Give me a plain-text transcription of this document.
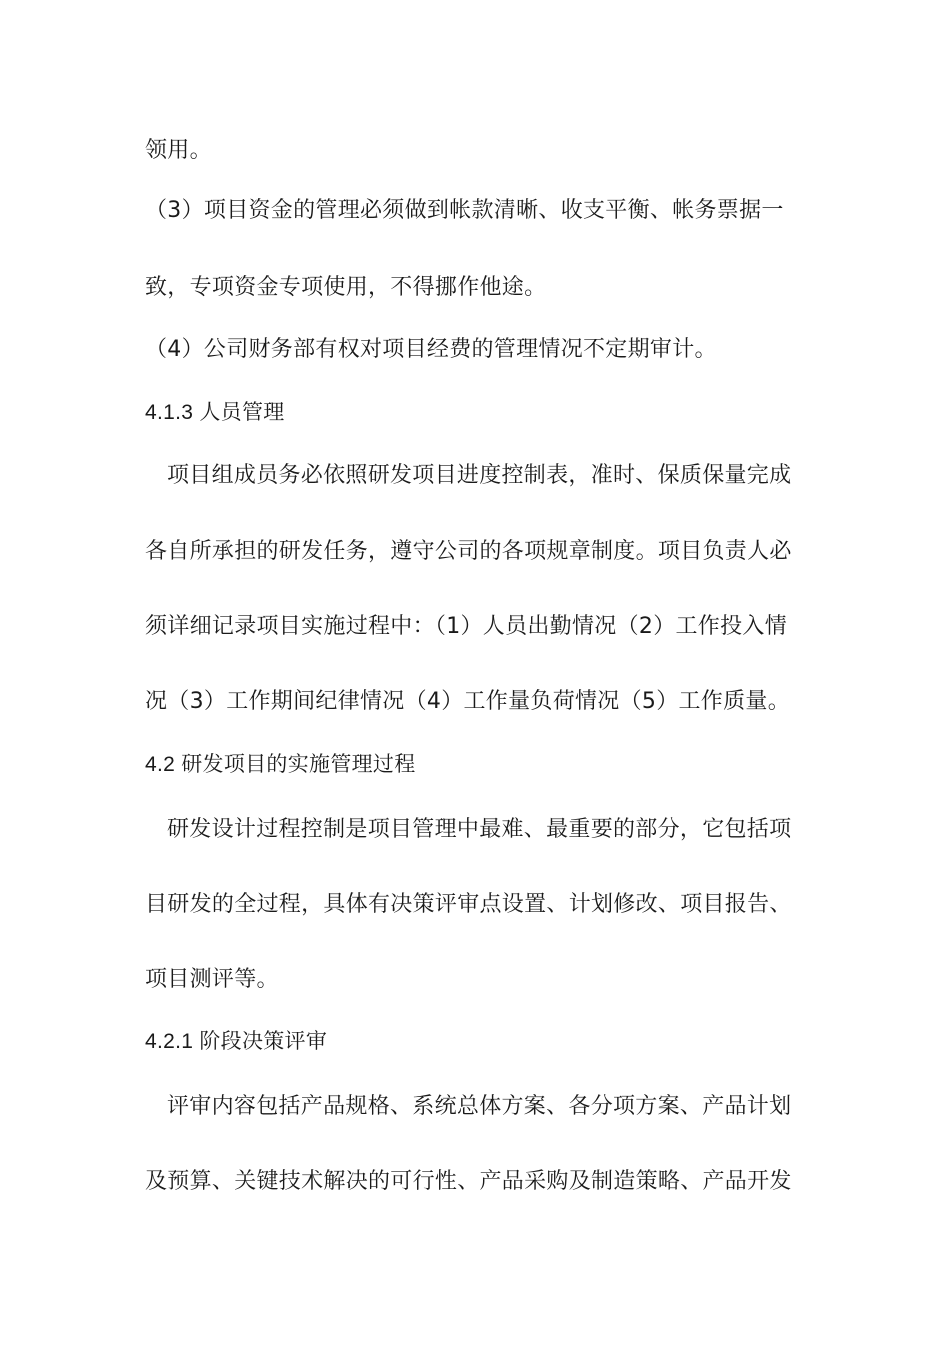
领用。
（3）项目资金的管理必须做到帐款清晰、收支平衡、帐务票据一
致，专项资金专项使用，不得挪作他途。
（4）公司财务部有权对项目经费的管理情况不定期审计。
4.1.3 人员管理
项目组成员务必依照研发项目进度控制表，准时、保质保量完成
各自所承担的研发任务，遵守公司的各项规章制度。项目负责人必
须详细记录项目实施过程中：（1）人员出勤情况（2）工作投入情
况（3）工作期间纪律情况（4）工作量负荷情况（5）工作质量。
4.2 研发项目的实施管理过程
研发设计过程控制是项目管理中最难、最重要的部分，它包括项
目研发的全过程，具体有决策评审点设置、计划修改、项目报告、
项目测评等。
4.2.1 阶段决策评审
评审内容包括产品规格、系统总体方案、各分项方案、产品计划
及预算、关键技术解决的可行性、产品采购及制造策略、产品开发
